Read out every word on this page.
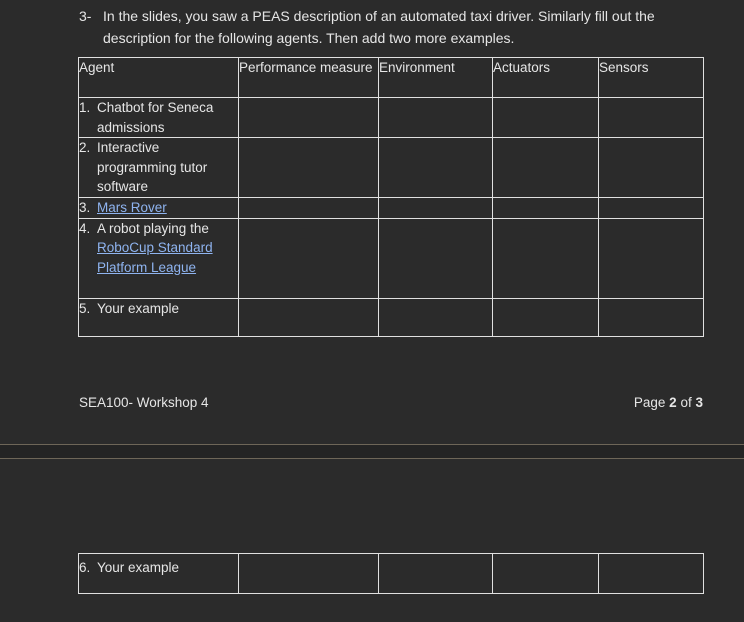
3- In the slides, you saw a PEAS description of an automated taxi driver. Similarly fill out the description for the following agents. Then add two more examples.
Agent	Performance measure	Environment	Actuators	Sensors

1. Chatbot for Seneca admissions				

2. Interactive programming tutor software				

3. Mars Rover				

4. A robot playing the RoboCup Standard Platform League				

5. Your example				

SEA100- Workshop 4	Page 2 of 3
6. Your example
